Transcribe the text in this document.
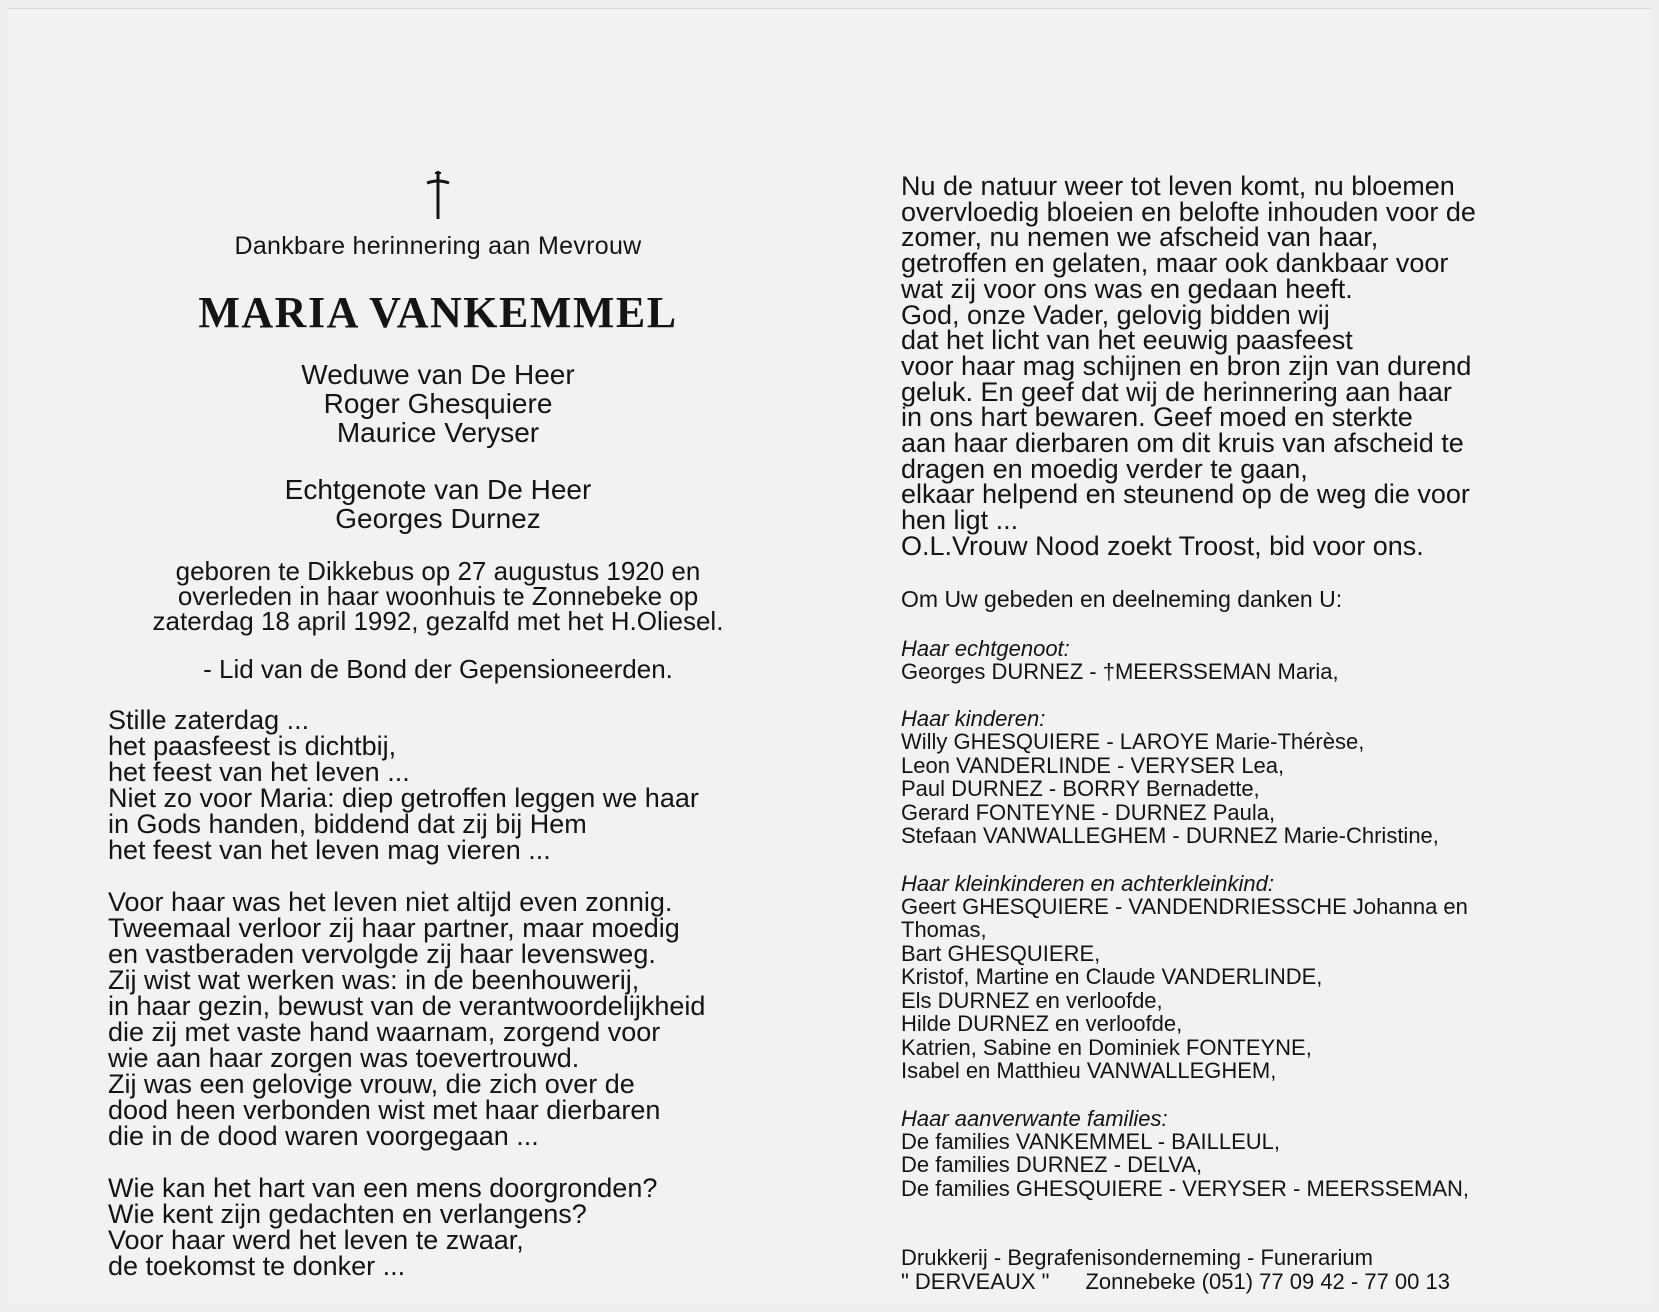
Dankbare herinnering aan Mevrouw
MARIA VANKEMMEL
Weduwe van De Heer
Roger Ghesquiere
Maurice Veryser
Echtgenote van De Heer
Georges Durnez
geboren te Dikkebus op 27 augustus 1920 en
overleden in haar woonhuis te Zonnebeke op
zaterdag 18 april 1992, gezalfd met het H.Oliesel.
- Lid van de Bond der Gepensioneerden.

Stille zaterdag ...

het paasfeest is dichtbij,

het feest van het leven ...

Niet zo voor Maria: diep getroffen leggen we haar

in Gods handen, biddend dat zij bij Hem

het feest van het leven mag vieren ...

Voor haar was het leven niet altijd even zonnig.

Tweemaal verloor zij haar partner, maar moedig

en vastberaden vervolgde zij haar levensweg.

Zij wist wat werken was: in de beenhouwerij,

in haar gezin, bewust van de verantwoordelijkheid

die zij met vaste hand waarnam, zorgend voor

wie aan haar zorgen was toevertrouwd.

Zij was een gelovige vrouw, die zich over de

dood heen verbonden wist met haar dierbaren

die in de dood waren voorgegaan ...

Wie kan het hart van een mens doorgronden?

Wie kent zijn gedachten en verlangens?

Voor haar werd het leven te zwaar,

de toekomst te donker ...

Nu de natuur weer tot leven komt, nu bloemen

overvloedig bloeien en belofte inhouden voor de

zomer, nu nemen we afscheid van haar,

getroffen en gelaten, maar ook dankbaar voor

wat zij voor ons was en gedaan heeft.

God, onze Vader, gelovig bidden wij

dat het licht van het eeuwig paasfeest

voor haar mag schijnen en bron zijn van durend

geluk. En geef dat wij de herinnering aan haar

in ons hart bewaren. Geef moed en sterkte

aan haar dierbaren om dit kruis van afscheid te

dragen en moedig verder te gaan,

elkaar helpend en steunend op de weg die voor

hen ligt ...

O.L.Vrouw Nood zoekt Troost, bid voor ons.

Om Uw gebeden en deelneming danken U:
Haar echtgenoot:
Georges DURNEZ - †MEERSSEMAN Maria,
Haar kinderen:
Willy GHESQUIERE - LAROYE Marie-Thérèse,
Leon VANDERLINDE - VERYSER Lea,
Paul DURNEZ - BORRY Bernadette,
Gerard FONTEYNE - DURNEZ Paula,
Stefaan VANWALLEGHEM - DURNEZ Marie-Christine,
Haar kleinkinderen en achterkleinkind:
Geert GHESQUIERE - VANDENDRIESSCHE Johanna en
Thomas,
Bart GHESQUIERE,
Kristof, Martine en Claude VANDERLINDE,
Els DURNEZ en verloofde,
Hilde DURNEZ en verloofde,
Katrien, Sabine en Dominiek FONTEYNE,
Isabel en Matthieu VANWALLEGHEM,
Haar aanverwante families:
De families VANKEMMEL - BAILLEUL,
De families DURNEZ - DELVA,
De families GHESQUIERE - VERYSER - MEERSSEMAN,
Drukkerij - Begrafenisonderneming - Funerarium
" DERVEAUX " Zonnebeke (051) 77 09 42 - 77 00 13
